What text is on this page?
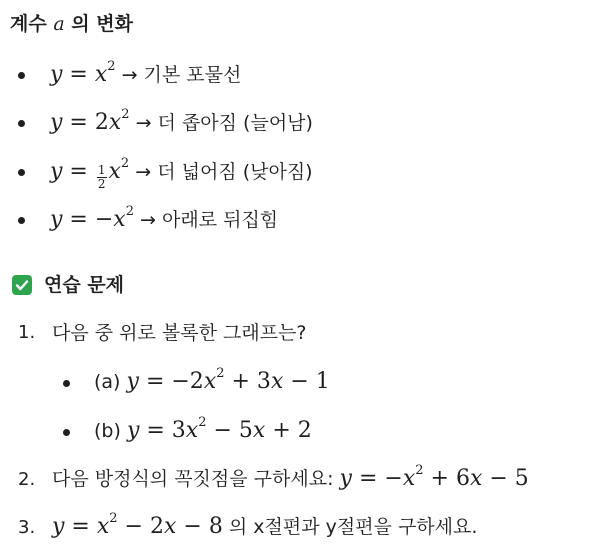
계수 a 의 변화
$y = x^2$ → 기본 포물선
$y = 2x^2$ → 더 좁아짐 (늘어남)
$y = \frac{1}{2} x^2$ → 더 넓어짐 (낮아짐)
$y = -x^2$ → 아래로 뒤집힘
연습 문제
1. 다음 중 위로 볼록한 그래프는?
(a) $y = -2x^2 + 3x - 1$
(b) $y = 3x^2 - 5x + 2$
2. 다음 방정식의 꼭짓점을 구하세요: $y = -x^2 + 6x - 5$
3. $y = x^2 - 2x - 8$ 의 x절편과 y절편을 구하세요.
